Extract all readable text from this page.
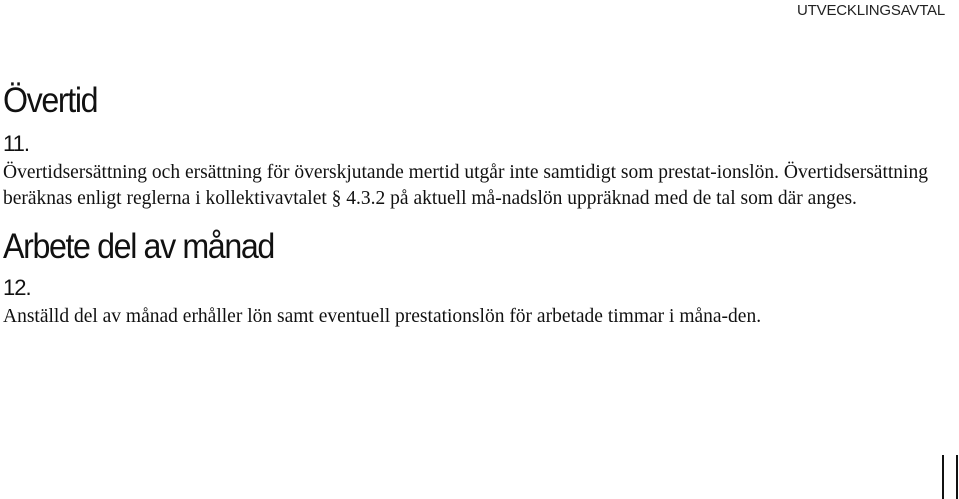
UTVECKLINGSAVTAL
Övertid
11.

Övertidsersättning och ersättning för överskjutande mertid utgår inte samtidigt som prestat-ionslön. Övertidsersättning beräknas enligt reglerna i kollektivavtalet § 4.3.2 på aktuell må-nadslön uppräknad med de tal som där anges.

Arbete del av månad
12.

Anställd del av månad erhåller lön samt eventuell prestationslön för arbetade timmar i måna-den.
